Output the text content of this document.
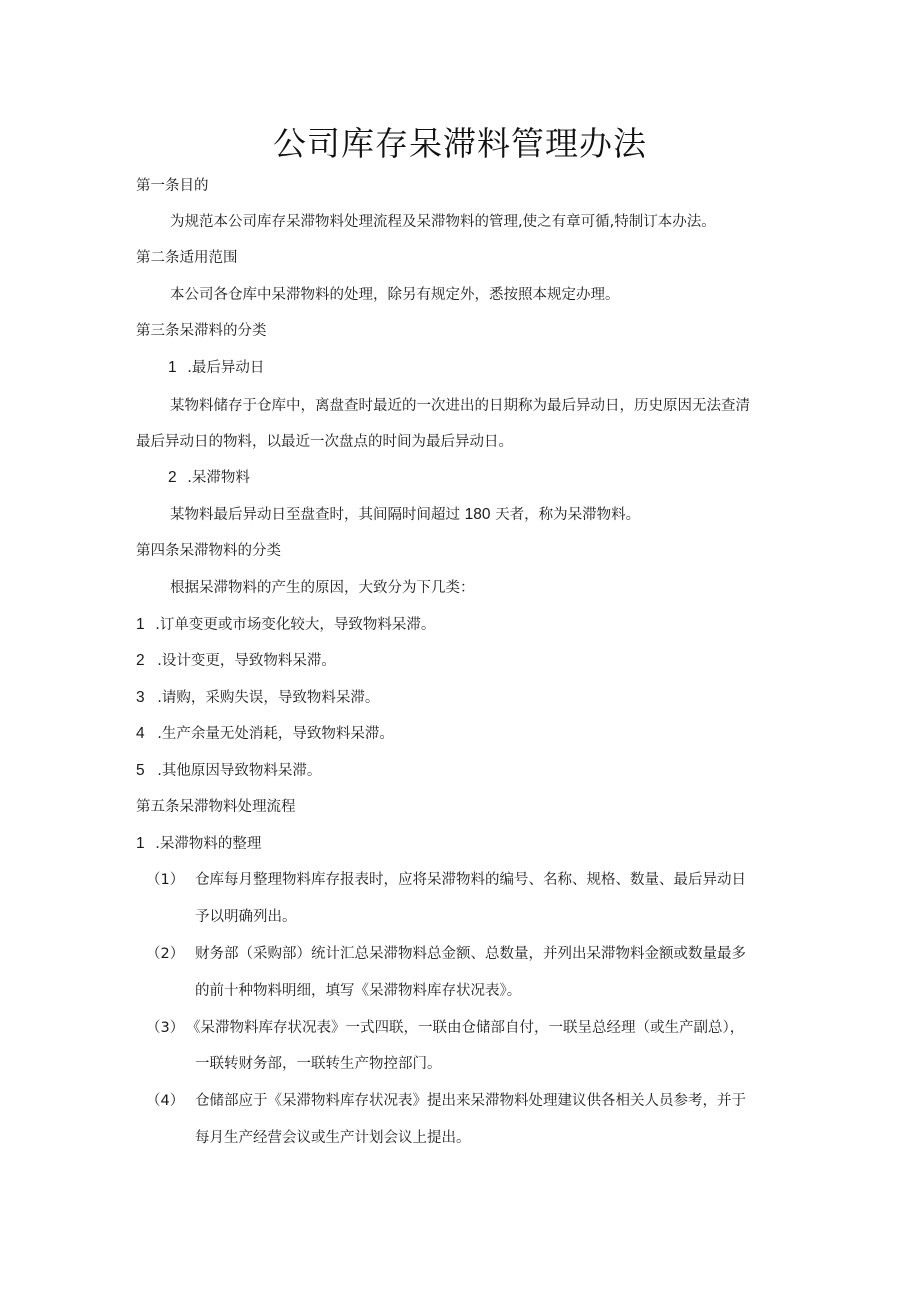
公司库存呆滞料管理办法
第一条目的
为规范本公司库存呆滞物料处理流程及呆滞物料的管理,使之有章可循,特制订本办法。
第二条适用范围
本公司各仓库中呆滞物料的处理，除另有规定外，悉按照本规定办理。
第三条呆滞料的分类
1 .最后异动日
某物料储存于仓库中，离盘查时最近的一次进出的日期称为最后异动日，历史原因无法查清
最后异动日的物料，以最近一次盘点的时间为最后异动日。
2 .呆滞物料
某物料最后异动日至盘查时，其间隔时间超过 180 天者，称为呆滞物料。
第四条呆滞物料的分类
根据呆滞物料的产生的原因，大致分为下几类：
1 .订单变更或市场变化较大，导致物料呆滞。
2 .设计变更，导致物料呆滞。
3 .请购，采购失误，导致物料呆滞。
4 .生产余量无处消耗，导致物料呆滞。
5 .其他原因导致物料呆滞。
第五条呆滞物料处理流程
1 .呆滞物料的整理
（1） 仓库每月整理物料库存报表时，应将呆滞物料的编号、名称、规格、数量、最后异动日
予以明确列出。
（2） 财务部（采购部）统计汇总呆滞物料总金额、总数量，并列出呆滞物料金额或数量最多
的前十种物料明细，填写《呆滞物料库存状况表》。
（3） 《呆滞物料库存状况表》一式四联，一联由仓储部自付，一联呈总经理（或生产副总），
一联转财务部，一联转生产物控部门。
（4） 仓储部应于《呆滞物料库存状况表》提出来呆滞物料处理建议供各相关人员参考，并于
每月生产经营会议或生产计划会议上提出。
